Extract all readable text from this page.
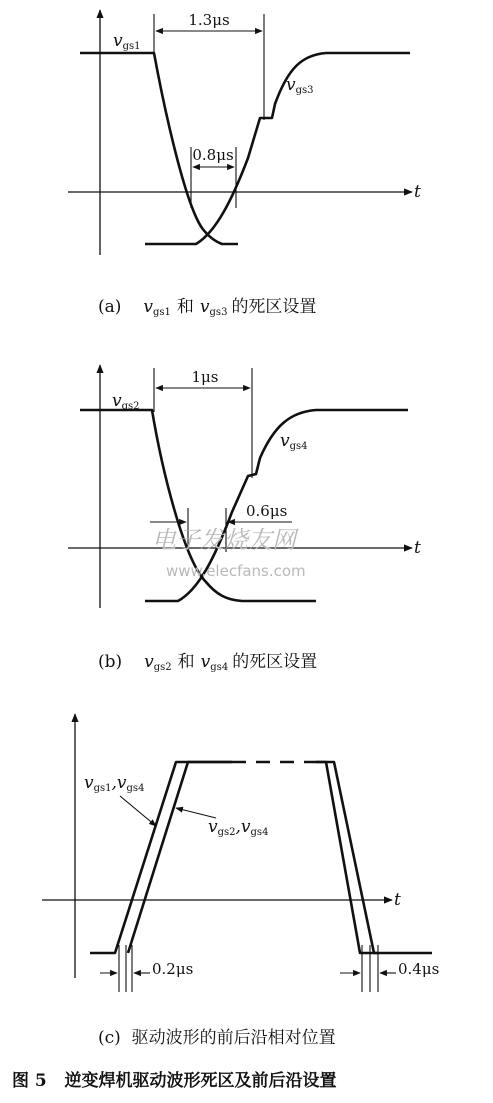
t
1.3μs
0.8μs
vgs1
vgs3
(a) vgs1 和 vgs3 的死区设置
t
1μs
0.6μs
vgs2
vgs4
电子发烧友网
www.elecfans.com
(b) vgs2 和 vgs4 的死区设置
t
0.2μs	0.4μs
vgs1,vgs4
vgs2,vgs4
(c)  驱动波形的前后沿相对位置
图 5   逆变焊机驱动波形死区及前后沿设置
